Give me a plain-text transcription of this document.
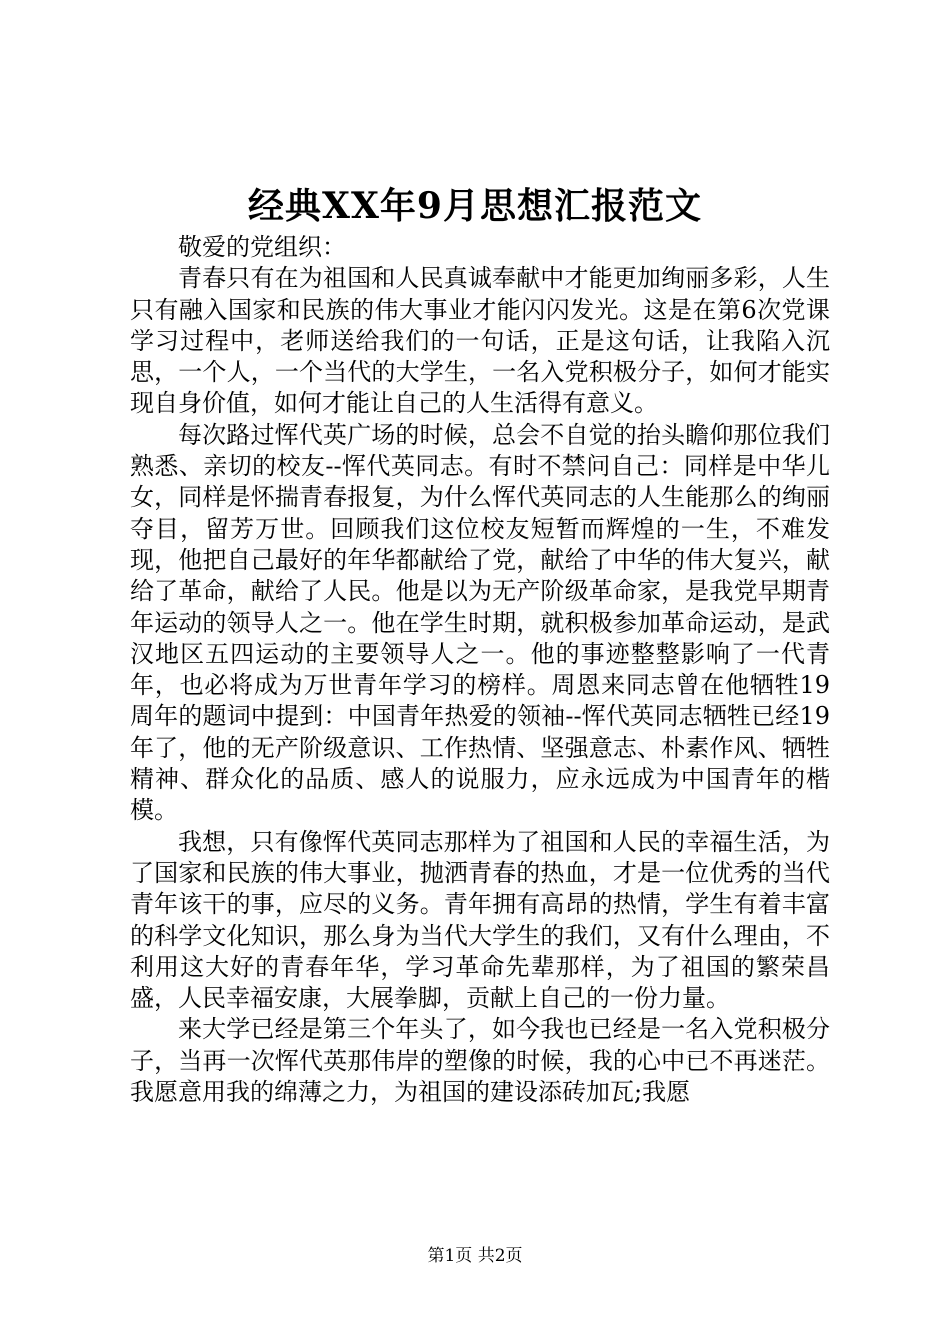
经典XX年9月思想汇报范文

敬爱的党组织：

青春只有在为祖国和人民真诚奉献中才能更加绚丽多彩，人生只有融入国家和民族的伟大事业才能闪闪发光。这是在第6次党课学习过程中，老师送给我们的一句话，正是这句话，让我陷入沉思，一个人，一个当代的大学生，一名入党积极分子，如何才能实现自身价值，如何才能让自己的人生活得有意义。

每次路过恽代英广场的时候，总会不自觉的抬头瞻仰那位我们熟悉、亲切的校友--恽代英同志。有时不禁问自己：同样是中华儿女，同样是怀揣青春报复，为什么恽代英同志的人生能那么的绚丽夺目，留芳万世。回顾我们这位校友短暂而辉煌的一生，不难发现，他把自己最好的年华都献给了党，献给了中华的伟大复兴，献给了革命，献给了人民。他是以为无产阶级革命家，是我党早期青年运动的领导人之一。他在学生时期，就积极参加革命运动，是武汉地区五四运动的主要领导人之一。他的事迹整整影响了一代青年，也必将成为万世青年学习的榜样。周恩来同志曾在他牺牲19周年的题词中提到：中国青年热爱的领袖--恽代英同志牺牲已经19年了，他的无产阶级意识、工作热情、坚强意志、朴素作风、牺牲精神、群众化的品质、感人的说服力，应永远成为中国青年的楷模。

我想，只有像恽代英同志那样为了祖国和人民的幸福生活，为了国家和民族的伟大事业，抛洒青春的热血，才是一位优秀的当代青年该干的事，应尽的义务。青年拥有高昂的热情，学生有着丰富的科学文化知识，那么身为当代大学生的我们，又有什么理由，不利用这大好的青春年华，学习革命先辈那样，为了祖国的繁荣昌盛，人民幸福安康，大展拳脚，贡献上自己的一份力量。

来大学已经是第三个年头了，如今我也已经是一名入党积极分子，当再一次恽代英那伟岸的塑像的时候，我的心中已不再迷茫。我愿意用我的绵薄之力，为祖国的建设添砖加瓦;我愿

第1页 共2页
